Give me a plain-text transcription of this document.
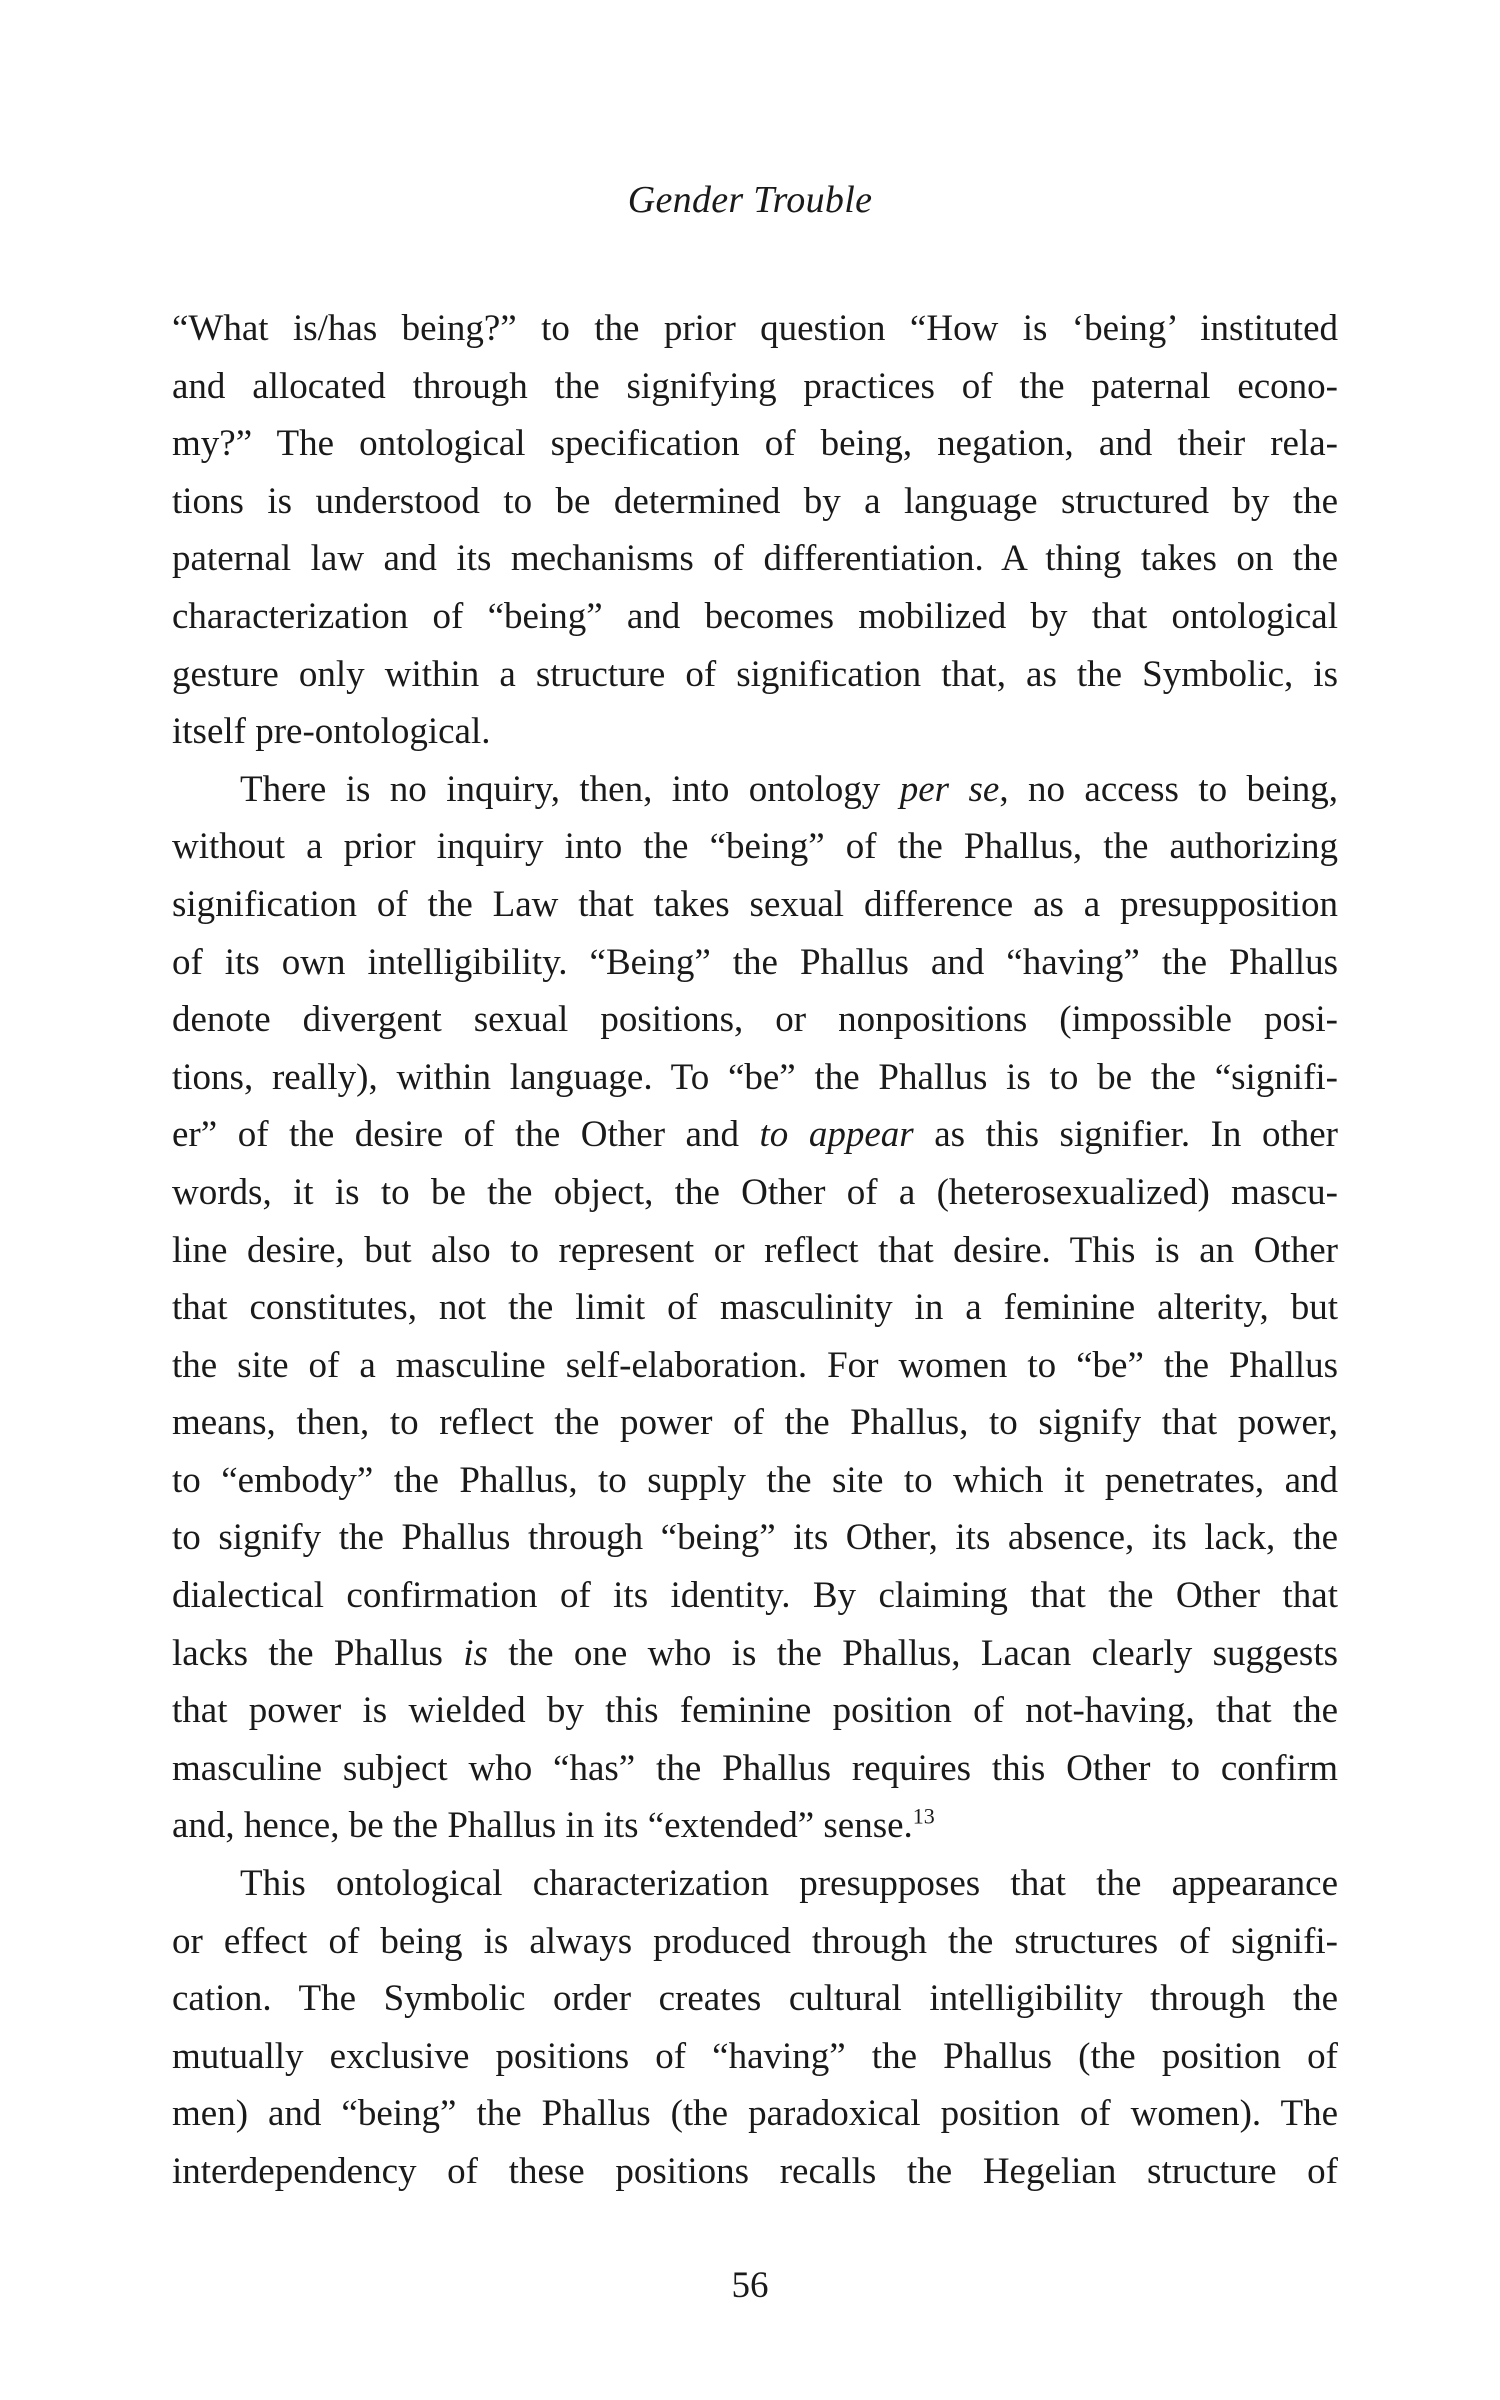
Gender Trouble
“What is/has being?” to the prior question “How is ‘being’ instituted
and allocated through the signifying practices of the paternal econo-
my?” The ontological specification of being, negation, and their rela-
tions is understood to be determined by a language structured by the
paternal law and its mechanisms of differentiation. A thing takes on the
characterization of “being” and becomes mobilized by that ontological
gesture only within a structure of signification that, as the Symbolic, is
itself pre-ontological.
There is no inquiry, then, into ontology per se, no access to being,
without a prior inquiry into the “being” of the Phallus, the authorizing
signification of the Law that takes sexual difference as a presupposition
of its own intelligibility. “Being” the Phallus and “having” the Phallus
denote divergent sexual positions, or nonpositions (impossible posi-
tions, really), within language. To “be” the Phallus is to be the “signifi-
er” of the desire of the Other and to appear as this signifier. In other
words, it is to be the object, the Other of a (heterosexualized) mascu-
line desire, but also to represent or reflect that desire. This is an Other
that constitutes, not the limit of masculinity in a feminine alterity, but
the site of a masculine self-elaboration. For women to “be” the Phallus
means, then, to reflect the power of the Phallus, to signify that power,
to “embody” the Phallus, to supply the site to which it penetrates, and
to signify the Phallus through “being” its Other, its absence, its lack, the
dialectical confirmation of its identity. By claiming that the Other that
lacks the Phallus is the one who is the Phallus, Lacan clearly suggests
that power is wielded by this feminine position of not-having, that the
masculine subject who “has” the Phallus requires this Other to confirm
and, hence, be the Phallus in its “extended” sense.$^{13}$
This ontological characterization presupposes that the appearance
or effect of being is always produced through the structures of signifi-
cation. The Symbolic order creates cultural intelligibility through the
mutually exclusive positions of “having” the Phallus (the position of
men) and “being” the Phallus (the paradoxical position of women). The
interdependency of these positions recalls the Hegelian structure of
56
